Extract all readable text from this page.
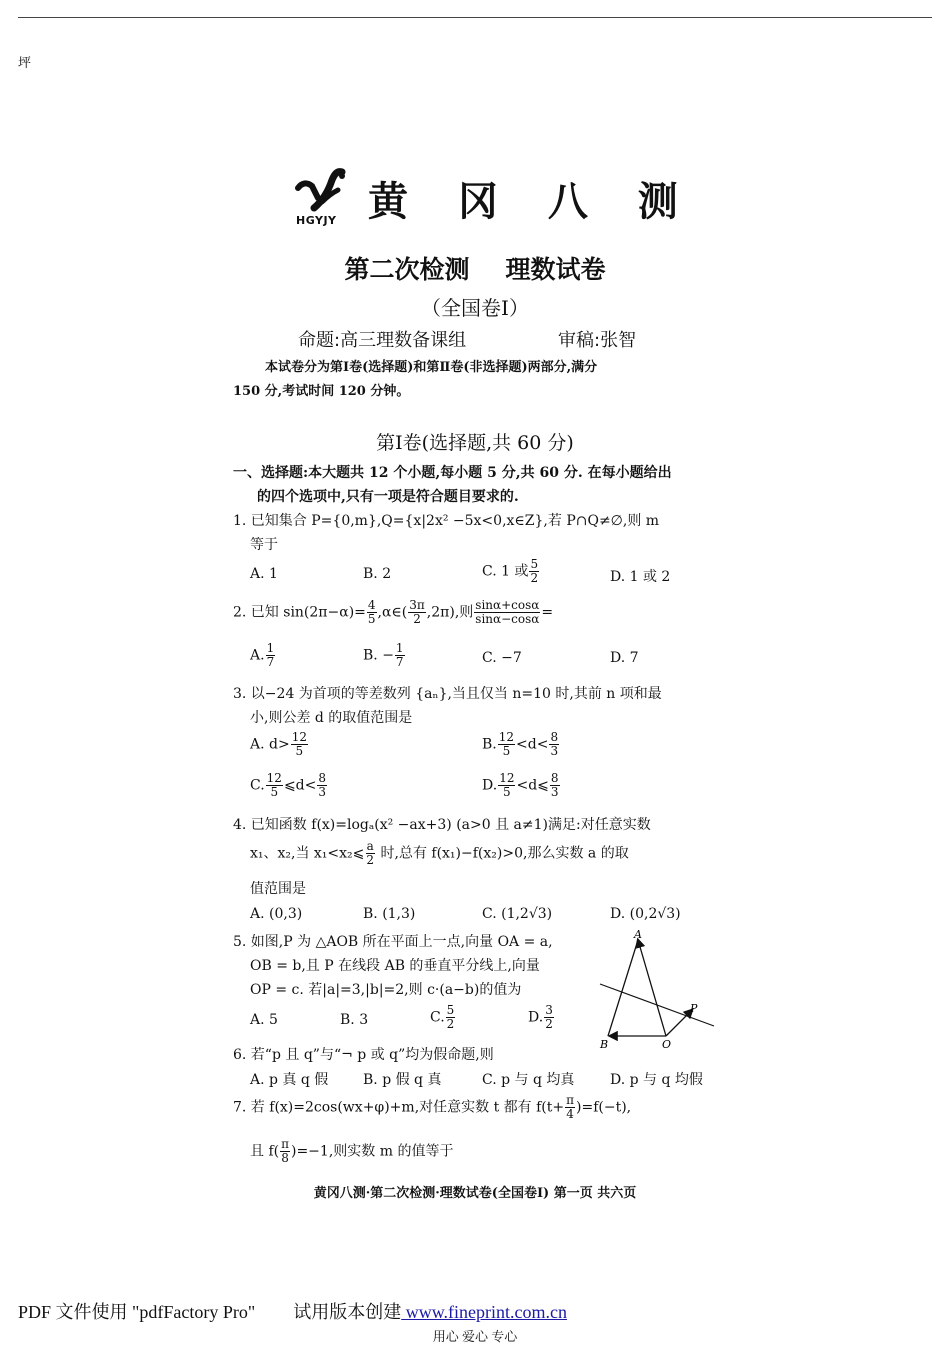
坪
HGYJY 黄 冈 八 测
第二次检测 理数试卷
（全国卷Ⅰ）
命题:高三理数备课组	审稿:张智
本试卷分为第Ⅰ卷(选择题)和第Ⅱ卷(非选择题)两部分,满分
150 分,考试时间 120 分钟。
第Ⅰ卷(选择题,共 60 分)
一、选择题:本大题共 12 个小题,每小题 5 分,共 60 分. 在每小题给出
的四个选项中,只有一项是符合题目要求的.
1. 已知集合 P={0,m},Q={x|2x² −5x<0,x∈Z},若 P∩Q≠∅,则 m
等于
A. 1	B. 2	C. 1 或 $\frac{5}{2}$	D. 1 或 2
2. 已知 $\sin(2\pi-\alpha)= \frac{4}{5}$ ,α∈( $\frac{3\pi}{2} ,2\pi$),则 $\frac{\sin\alpha+\cos\alpha}{\sin\alpha-\cos\alpha}$ =
A. $\frac{1}{7}$	B. − $\frac{1}{7}$	C. −7	D. 7
3. 以−24 为首项的等差数列 {aₙ},当且仅当 n=10 时,其前 n 项和最
小,则公差 d 的取值范围是
A. $d> \frac{12}{5}$	B. $\frac{12}{5} <d< \frac{8}{3}$
C. $\frac{12}{5}$ ⩽d< $\frac{8}{3}$	D. $\frac{12}{5}$ <d⩽ $\frac{8}{3}$
4. 已知函数 f(x)=logₐ(x² −ax+3) (a>0 且 a≠1)满足:对任意实数
x₁、x₂,当 x₁<x₂⩽ $\frac{a}{2}$ 时,总有 f(x₁)−f(x₂)>0,那么实数 a 的取
值范围是
A. (0,3)	B. (1,3)	C. (1,2√3)	D. (0,2√3)
5. 如图,P 为 △AOB 所在平面上一点,向量 OA = a,
OB = b,且 P 在线段 AB 的垂直平分线上,向量
OP = c. 若|a|=3,|b|=2,则 c·(a−b)的值为
A. 5	B. 3	C. $\frac{5}{2}$	D. $\frac{3}{2}$
A
B	O
P
6. 若“p 且 q”与“¬ p 或 q”均为假命题,则
A. p 真 q 假 B. p 假 q 真	C. p 与 q 均真	D. p 与 q 均假
7. 若 f(x)=2cos(wx+φ)+m,对任意实数 t 都有 $f(t+ \frac{\pi}{4} )=f(-t)$,
且 $f( \frac{\pi}{8} )=-1$,则实数 m 的值等于
黄冈八测·第二次检测·理数试卷(全国卷Ⅰ) 第一页 共六页
PDF 文件使用 "pdfFactory Pro" 试用版本创建 www.fineprint.com.cn
用心 爱心 专心
